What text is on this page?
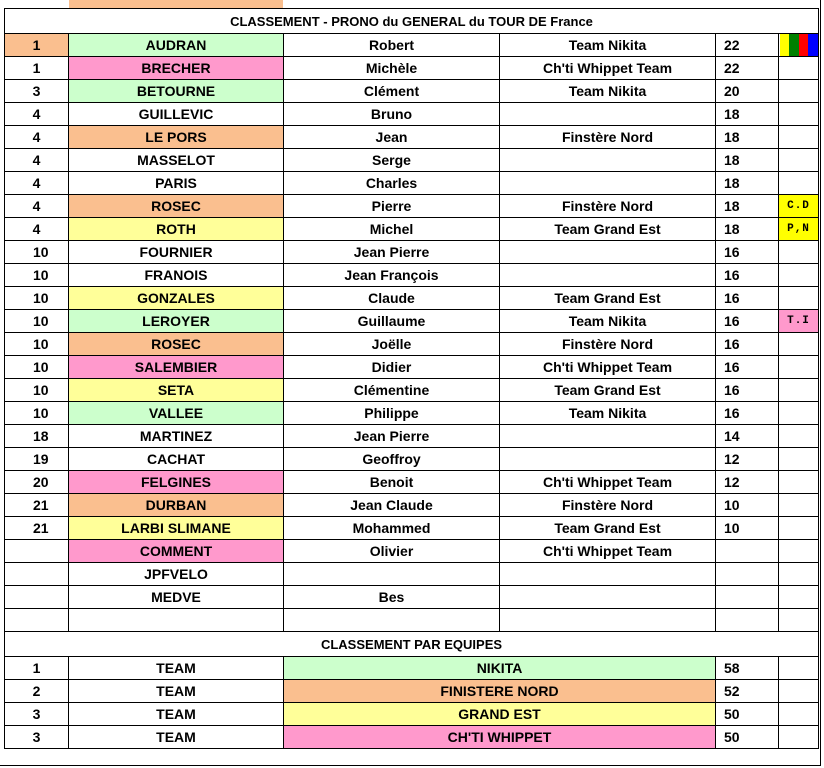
CLASSEMENT - PRONO du GENERAL du TOUR DE France					
1	AUDRAN	Robert	Team Nikita	22	

1	BRECHER	Michèle	Ch'ti Whippet Team	22	
3	BETOURNE	Clément	Team Nikita	20	
4	GUILLEVIC	Bruno		18	
4	LE PORS	Jean	Finstère Nord	18	
4	MASSELOT	Serge		18	
4	PARIS	Charles		18	
4	ROSEC	Pierre	Finstère Nord	18	C.D
4	ROTH	Michel	Team Grand Est	18	P,N
10	FOURNIER	Jean Pierre		16	
10	FRANOIS	Jean François		16	
10	GONZALES	Claude	Team Grand Est	16	
10	LEROYER	Guillaume	Team Nikita	16	T.I
10	ROSEC	Joëlle	Finstère Nord	16	
10	SALEMBIER	Didier	Ch'ti Whippet Team	16	
10	SETA	Clémentine	Team Grand Est	16	
10	VALLEE	Philippe	Team Nikita	16	
18	MARTINEZ	Jean Pierre		14	
19	CACHAT	Geoffroy		12	
20	FELGINES	Benoit	Ch'ti Whippet Team	12	
21	DURBAN	Jean Claude	Finstère Nord	10	
21	LARBI SLIMANE	Mohammed	Team Grand Est	10	
	COMMENT	Olivier	Ch'ti Whippet Team		
	JPFVELO				
	MEDVE	Bes			

CLASSEMENT PAR EQUIPES					
1	TEAM	NIKITA		58	
2	TEAM	FINISTERE NORD		52	
3	TEAM	GRAND EST		50	
3	TEAM	CH'TI WHIPPET		50	
